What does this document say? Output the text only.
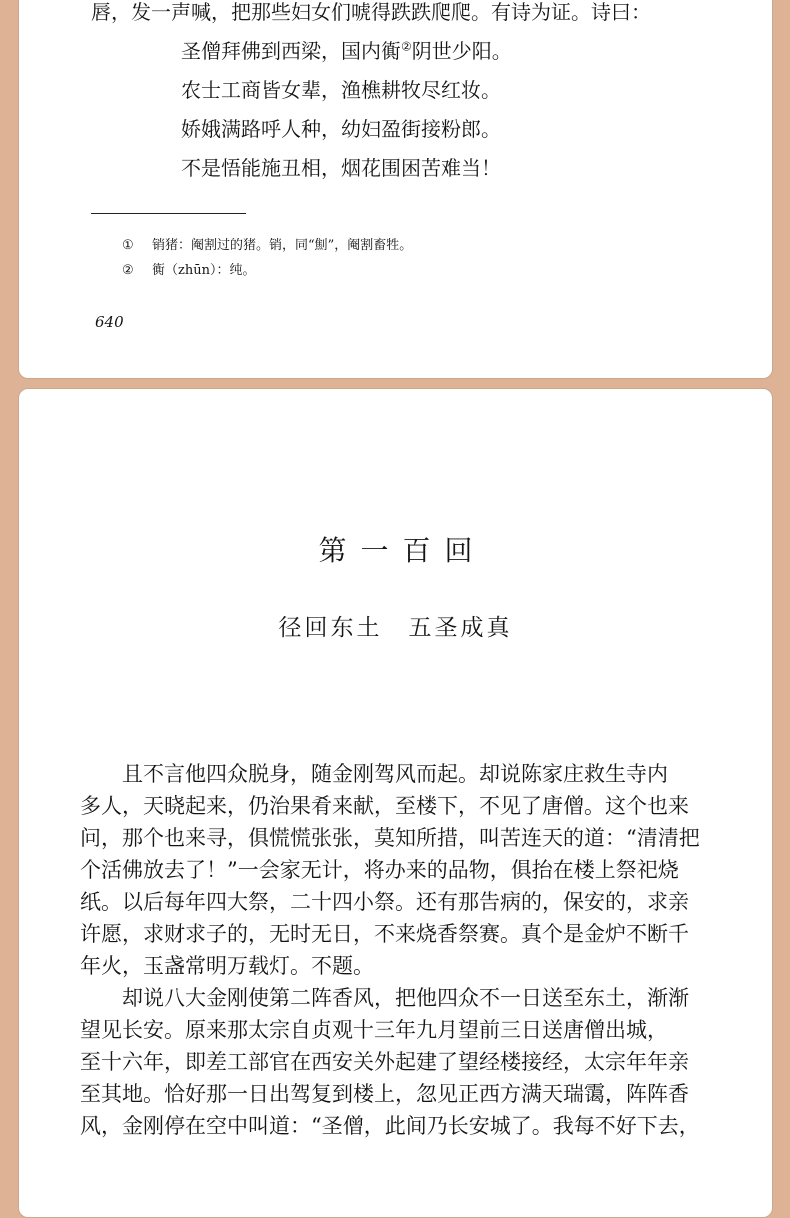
唇，发一声喊，把那些妇女们唬得跌跌爬爬。有诗为证。诗曰：
圣僧拜佛到西梁，国内衠②阴世少阳。
农士工商皆女辈，渔樵耕牧尽红妆。
娇娥满路呼人种，幼妇盈街接粉郎。
不是悟能施丑相，烟花围困苦难当！
① 销猪：阉割过的猪。销，同“劁”，阉割畜牲。
② 衠（zhūn）：纯。
640
第一百回
径回东土　五圣成真
　　且不言他四众脱身，随金刚驾风而起。却说陈家庄救生寺内
多人，天晓起来，仍治果肴来献，至楼下，不见了唐僧。这个也来
问，那个也来寻，俱慌慌张张，莫知所措，叫苦连天的道：“清清把
个活佛放去了！”一会家无计，将办来的品物，俱抬在楼上祭祀烧
纸。以后每年四大祭，二十四小祭。还有那告病的，保安的，求亲
许愿，求财求子的，无时无日，不来烧香祭赛。真个是金炉不断千
年火，玉盏常明万载灯。不题。
　　却说八大金刚使第二阵香风，把他四众不一日送至东土，渐渐
望见长安。原来那太宗自贞观十三年九月望前三日送唐僧出城，
至十六年，即差工部官在西安关外起建了望经楼接经，太宗年年亲
至其地。恰好那一日出驾复到楼上，忽见正西方满天瑞霭，阵阵香
风，金刚停在空中叫道：“圣僧，此间乃长安城了。我每不好下去，
